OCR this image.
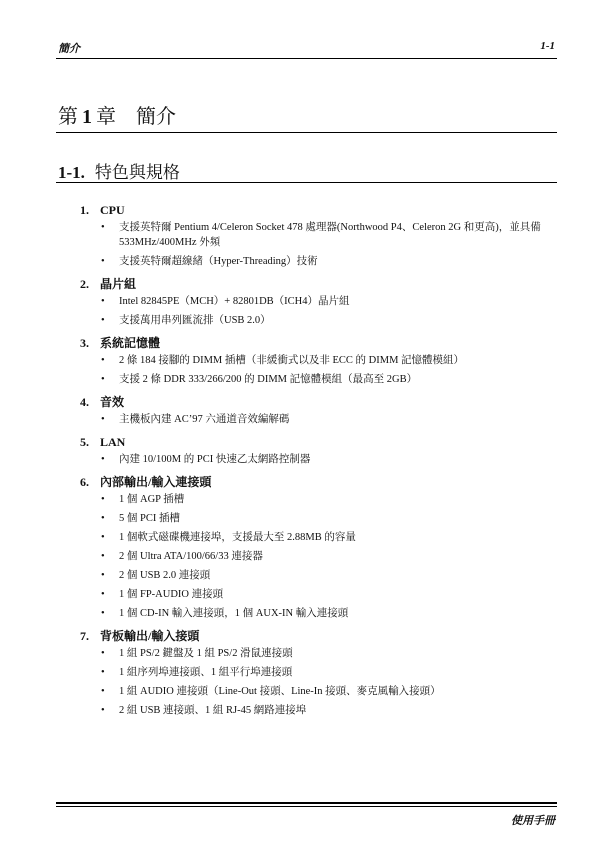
簡介	1-1
第 1 章 簡介
1-1. 特色與規格
1. CPU
• 支援英特爾 Pentium 4/Celeron Socket 478 處理器(Northwood P4、Celeron 2G 和更高)，並具備 533MHz/400MHz 外頻
• 支援英特爾超線緒（Hyper-Threading）技術
2. 晶片組
• Intel 82845PE（MCH）+ 82801DB（ICH4）晶片組
• 支援萬用串列匯流排（USB 2.0）
3. 系統記憶體
• 2 條 184 接腳的 DIMM 插槽（非緩衝式以及非 ECC 的 DIMM 記憶體模組）
• 支援 2 條 DDR 333/266/200 的 DIMM 記憶體模組（最高至 2GB）
4. 音效
• 主機板內建 AC’97 六通道音效編解碼
5. LAN
• 內建 10/100M 的 PCI 快速乙太網路控制器
6. 內部輸出/輸入連接頭
• 1 個 AGP 插槽
• 5 個 PCI 插槽
• 1 個軟式磁碟機連接埠，支援最大至 2.88MB 的容量
• 2 個 Ultra ATA/100/66/33 連接器
• 2 個 USB 2.0 連接頭
• 1 個 FP-AUDIO 連接頭
• 1 個 CD-IN 輸入連接頭，1 個 AUX-IN 輸入連接頭
7. 背板輸出/輸入接頭
• 1 組 PS/2 鍵盤及 1 組 PS/2 滑鼠連接頭
• 1 組序列埠連接頭、1 組平行埠連接頭
• 1 組 AUDIO 連接頭（Line-Out 接頭、Line-In 接頭、麥克風輸入接頭）
• 2 組 USB 連接頭、1 組 RJ-45 網路連接埠
使用手冊
